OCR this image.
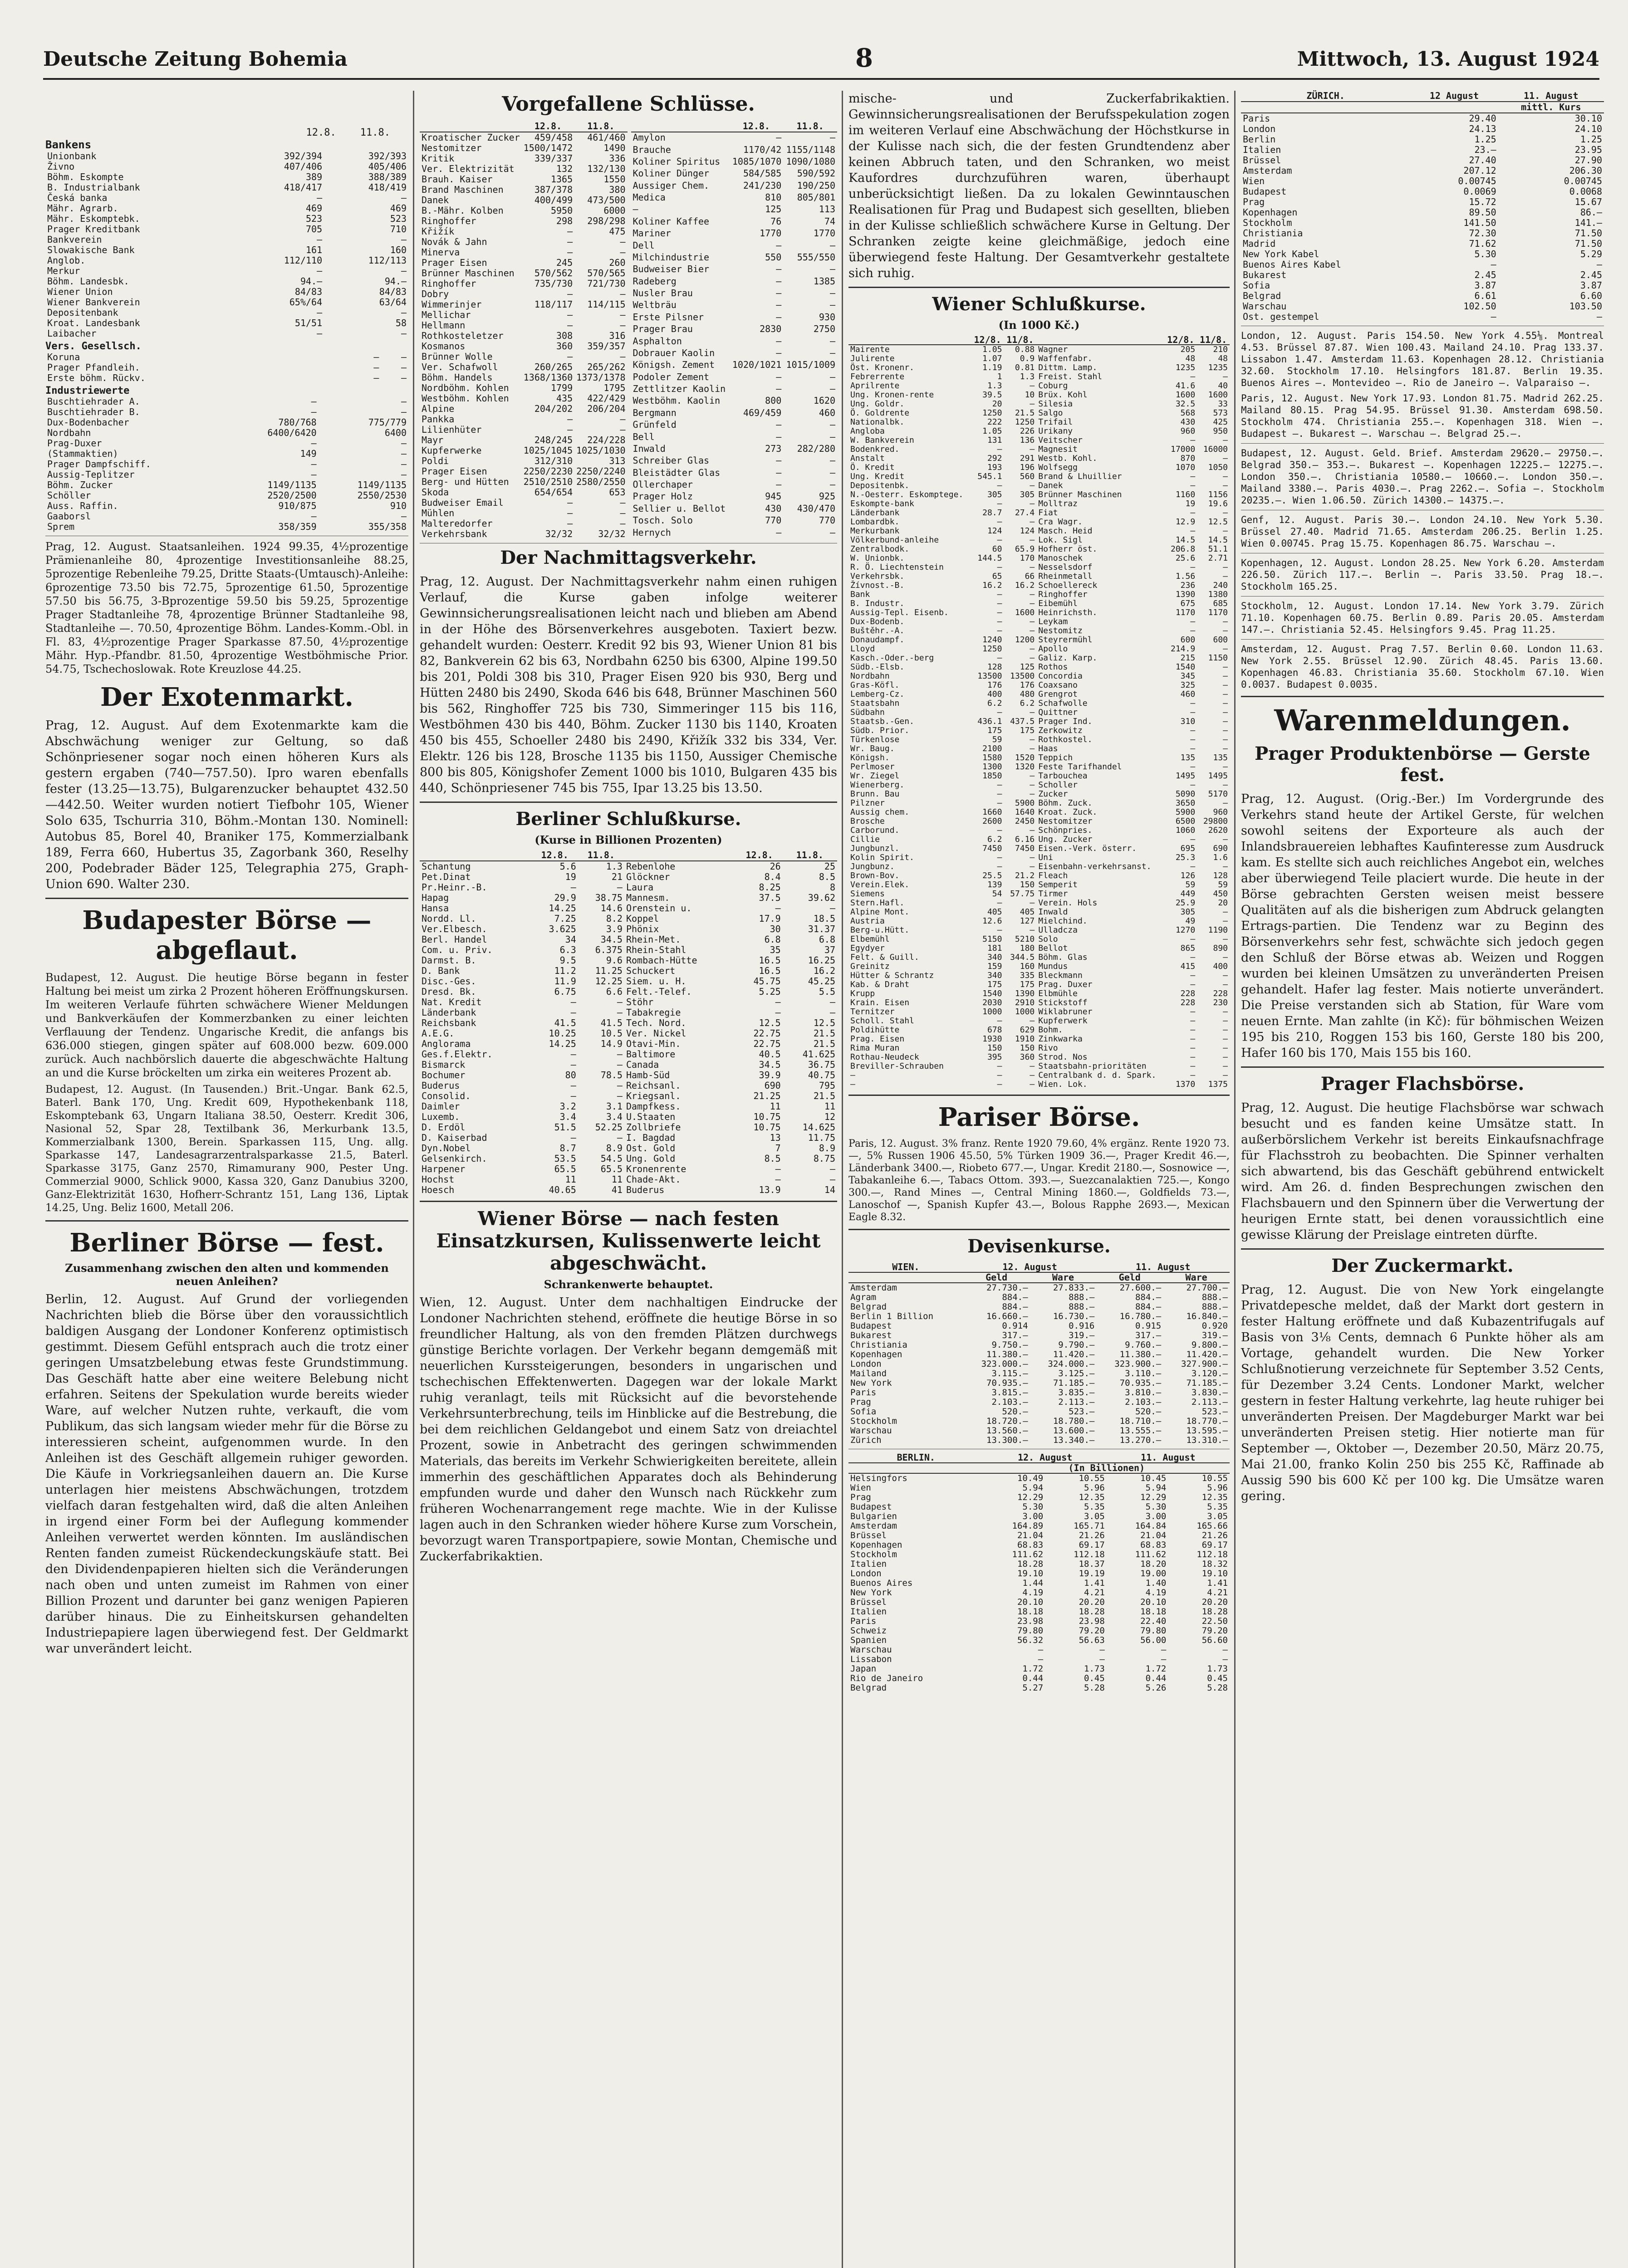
Deutsche Zeitung Bohemia	8	Mittwoch, 13. August 1924
12.8. 11.8.
Bankens
Unionbank	392/394	392/393
Živno	407/406	405/406
Böhm. Eskompte	389	388/389
B. Industrialbank	418/417	418/419
Česká banka	—	—
Mähr. Agrarb.	469	469
Mähr. Eskomptebk.	523	523
Prager Kreditbank	705	710
Bankverein	—	—
Slowakische Bank	161	160
Anglob.	112/110	112/113
Merkur	—	—
Böhm. Landesbk.	94.—	94.—
Wiener Union	84/83	84/83
Wiener Bankverein	65%/64	63/64
Depositenbank	—	—
Kroat. Landesbank	51/51	58
Laibacher	—	—
Vers. Gesellsch.
Koruna	—	—
Prager Pfandleih.	—	—
Erste böhm. Rückv.	—	—
Industriewerte
Buschtiehrader A.	—	—
Buschtiehrader B.	—	—
Dux-Bodenbacher	780/768	775/779
Nordbahn	6400/6420	6400
Prag-Duxer	—	—
(Stammaktien)	149	—
Prager Dampfschiff.	—	—
Aussig-Teplitzer	—	—
Böhm. Zucker	1149/1135	1149/1135
Schöller	2520/2500	2550/2530
Auss. Raffin.	910/875	910
Gaaborsl	—	—
Sprem	358/359	355/358
Prag, 12. August. Staatsanleihen. 1924 99.35, 4½prozentige Prämienanleihe 80, 4prozentige Investitionsanleihe 88.25, 5prozentige Rebenleihe 79.25, Dritte Staats-(Umtausch)-Anleihe: 6prozentige 73.50 bis 72.75, 5prozentige 61.50, 5prozentige 57.50 bis 56.75, 3-Bprozentige 59.50 bis 59.25, 5prozentige Prager Stadtanleihe 78, 4prozentige Brünner Stadtanleihe 98, Stadtanleihe —. 70.50, 4prozentige Böhm. Landes-Komm.-Obl. in Fl. 83, 4½prozentige Prager Sparkasse 87.50, 4½prozentige Mähr. Hyp.-Pfandbr. 81.50, 4prozentige Westböhmische Prior. 54.75, Tschechoslowak. Rote Kreuzlose 44.25.
Der Exotenmarkt.
Prag, 12. August. Auf dem Exotenmarkte kam die Abschwächung weniger zur Geltung, so daß Schönpriesener sogar noch einen höheren Kurs als gestern ergaben (740—757.50). Ipro waren ebenfalls fester (13.25—13.75), Bulgarenzucker behauptet 432.50—442.50. Weiter wurden notiert Tiefbohr 105, Wiener Solo 635, Tschurria 310, Böhm.-Montan 130. Nominell: Autobus 85, Borel 40, Braniker 175, Kommerzialbank 189, Ferra 660, Hubertus 35, Zagorbank 360, Reselhy 200, Podebrader Bäder 125, Telegraphia 275, Graph-Union 690. Walter 230.
Budapester Börse — abgeflaut.
Budapest, 12. August. Die heutige Börse begann in fester Haltung bei meist um zirka 2 Prozent höheren Eröffnungskursen. Im weiteren Verlaufe führten schwächere Wiener Meldungen und Bankverkäufen der Kommerzbanken zu einer leichten Verflauung der Tendenz. Ungarische Kredit, die anfangs bis 636.000 stiegen, gingen später auf 608.000 bezw. 609.000 zurück. Auch nachbörslich dauerte die abgeschwächte Haltung an und die Kurse bröckelten um zirka ein weiteres Prozent ab.
Budapest, 12. August. (In Tausenden.) Brit.-Ungar. Bank 62.5, Baterl. Bank 170, Ung. Kredit 609, Hypothekenbank 118, Eskomptebank 63, Ungarn Italiana 38.50, Oesterr. Kredit 306, Nasional 52, Spar 28, Textilbank 36, Merkurbank 13.5, Kommerzialbank 1300, Berein. Sparkassen 115, Ung. allg. Sparkasse 147, Landesagrarzentralsparkasse 21.5, Baterl. Sparkasse 3175, Ganz 2570, Rimamurany 900, Pester Ung. Commerzial 9000, Schlick 9000, Kassa 320, Ganz Danubius 3200, Ganz-Elektrizität 1630, Hofherr-Schrantz 151, Lang 136, Liptak 14.25, Ung. Beliz 1600, Metall 206.
Berliner Börse — fest.
Zusammenhang zwischen den alten und kommenden neuen Anleihen?
Berlin, 12. August. Auf Grund der vorliegenden Nachrichten blieb die Börse über den voraussichtlich baldigen Ausgang der Londoner Konferenz optimistisch gestimmt. Diesem Gefühl entsprach auch die trotz einer geringen Umsatzbelebung etwas feste Grundstimmung. Das Geschäft hatte aber eine weitere Belebung nicht erfahren. Seitens der Spekulation wurde bereits wieder Ware, auf welcher Nutzen ruhte, verkauft, die vom Publikum, das sich langsam wieder mehr für die Börse zu interessieren scheint, aufgenommen wurde. In den Anleihen ist des Geschäft allgemein ruhiger geworden. Die Käufe in Vorkriegsanleihen dauern an. Die Kurse unterlagen hier meistens Abschwächungen, trotzdem vielfach daran festgehalten wird, daß die alten Anleihen in irgend einer Form bei der Auflegung kommender Anleihen verwertet werden könnten. Im ausländischen Renten fanden zumeist Rückendeckungskäufe statt. Bei den Dividendenpapieren hielten sich die Veränderungen nach oben und unten zumeist im Rahmen von einer Billion Prozent und darunter bei ganz wenigen Papieren darüber hinaus. Die zu Einheitskursen gehandelten Industriepapiere lagen überwiegend fest. Der Geldmarkt war unverändert leicht.
Vorgefallene Schlüsse.
	12.8.	11.8.
Kroatischer Zucker	459/458	461/460
Nestomitzer	1500/1472	1490
Kritik	339/337	336
Ver. Elektrizität	132	132/130
Brauh. Kaiser	1365	1550
Brand Maschinen	387/378	380
Danek	400/499	473/500
B.-Mähr. Kolben	5950	6000
Ringhoffer	298	298/298
Křižík	—	475
Novák & Jahn	—	—
Minerva	—	—
Prager Eisen	245	260
Brünner Maschinen	570/562	570/565
Ringhoffer	735/730	721/730
Dobry	—	—
Wimmerinjer	118/117	114/115
Mellichar	—	—
Hellmann	—	—
Rothkosteletzer	308	316
Kosmanos	360	359/357
Brünner Wolle	—	—
Ver. Schafwoll	260/265	265/262
Böhm. Handels	1368/1360	1373/1378
Nordböhm. Kohlen	1799	1795
Westböhm. Kohlen	435	422/429
Alpine	204/202	206/204
Pankka	—	—
Lilienhüter	—	—
Mayr	248/245	224/228
Kupferwerke	1025/1045	1025/1030
Poldi	312/310	313
Prager Eisen	2250/2230	2250/2240
Berg- und Hütten	2510/2510	2580/2550
Skoda	654/654	653
Budweiser Email	—	—
Mühlen	—	—
Malteredorfer	—	—
Verkehrsbank	32/32	32/32
	12.8.	11.8.
Amylon	—	—
Brauche	1170/42	1155/1148
Koliner Spiritus	1085/1070	1090/1080
Koliner Dünger	584/585	590/592
Aussiger Chem.	241/230	190/250
Medica	810	805/801
—	125	113
Koliner Kaffee	76	74
Mariner	1770	1770
Dell	—	—
Milchindustrie	550	555/550
Budweiser Bier	—	—
Radeberg	—	1385
Nusler Brau	—	—
Weltbräu	—	—
Erste Pilsner	—	930
Prager Brau	2830	2750
Asphalton	—	—
Dobrauer Kaolin	—	—
Königsh. Zement	1020/1021	1015/1009
Podoler Zement	—	—
Zettlitzer Kaolin	—	—
Westböhm. Kaolin	800	1620
Bergmann	469/459	460
Grünfeld	—	—
Bell	—	—
Inwald	273	282/280
Schreiber Glas	—	—
Bleistädter Glas	—	—
Ollerchaper	—	—
Prager Holz	945	925
Sellier u. Bellot	430	430/470
Tosch. Solo	770	770
Hernych	—	—
Der Nachmittagsverkehr.
Prag, 12. August. Der Nachmittagsverkehr nahm einen ruhigen Verlauf, die Kurse gaben infolge weiterer Gewinnsicherungsrealisationen leicht nach und blieben am Abend in der Höhe des Börsenverkehres ausgeboten. Taxiert bezw. gehandelt wurden: Oesterr. Kredit 92 bis 93, Wiener Union 81 bis 82, Bankverein 62 bis 63, Nordbahn 6250 bis 6300, Alpine 199.50 bis 201, Poldi 308 bis 310, Prager Eisen 920 bis 930, Berg und Hütten 2480 bis 2490, Skoda 646 bis 648, Brünner Maschinen 560 bis 562, Ringhoffer 725 bis 730, Simmeringer 115 bis 116, Westböhmen 430 bis 440, Böhm. Zucker 1130 bis 1140, Kroaten 450 bis 455, Schoeller 2480 bis 2490, Křižík 332 bis 334, Ver. Elektr. 126 bis 128, Brosche 1135 bis 1150, Aussiger Chemische 800 bis 805, Königshofer Zement 1000 bis 1010, Bulgaren 435 bis 440, Schönpriesener 745 bis 755, Ipar 13.25 bis 13.50.
Berliner Schlußkurse.
(Kurse in Billionen Prozenten)
	12.8.	11.8.		12.8.	11.8.
Schantung	5.6	1.3	Rebenlohe	26	25
Pet.Dinat	19	21	Glöckner	8.4	8.5
Pr.Heinr.-B.	—	—	Laura	8.25	8
Hapag	29.9	38.75	Mannesm.	37.5	39.62
Hansa	14.25	14.6	Orenstein u.	—	—
Nordd. Ll.	7.25	8.2	Koppel	17.9	18.5
Ver.Elbesch.	3.625	3.9	Phönix	30	31.37
Berl. Handel	34	34.5	Rhein-Met.	6.8	6.8
Com. u. Priv.	6.3	6.375	Rhein-Stahl	35	37
Darmst. B.	9.5	9.6	Rombach-Hütte	16.5	16.25
D. Bank	11.2	11.25	Schuckert	16.5	16.2
Disc.-Ges.	11.9	12.25	Siem. u. H.	45.75	45.25
Dresd. Bk.	6.75	6.6	Felt.-Telef.	5.25	5.5
Nat. Kredit	—	—	Stöhr	—	—
Länderbank	—	—	Tabakregie	—	—
Reichsbank	41.5	41.5	Tech. Nord.	12.5	12.5
A.E.G.	10.25	10.5	Ver. Nickel	22.75	21.5
Anglorama	14.25	14.9	Otavi-Min.	22.75	21.5
Ges.f.Elektr.	—	—	Baltimore	40.5	41.625
Bismarck	—	—	Canada	34.5	36.75
Bochumer	80	78.5	Hamb-Süd	39.9	40.75
Buderus	—	—	Reichsanl.	690	795
Consolid.	—	—	Kriegsanl.	21.25	21.5
Daimler	3.2	3.1	Dampfkess.	11	11
Luxemb.	3.4	3.4	U.Staaten	10.75	12
D. Erdöl	51.5	52.25	Zollbriefe	10.75	14.625
D. Kaiserbad	—	—	I. Bagdad	13	11.75
Dyn.Nobel	8.7	8.9	Ost. Gold	7	8.9
Gelsenkirch.	53.5	54.5	Ung. Gold	8.5	8.75
Harpener	65.5	65.5	Kronenrente	—	—
Hochst	11	11	Chade-Akt.	—	—
Hoesch	40.65	41	Buderus	13.9	14
Wiener Börse — nach festen Einsatzkursen, Kulissenwerte leicht abgeschwächt.
Schrankenwerte behauptet.
Wien, 12. August. Unter dem nachhaltigen Eindrucke der Londoner Nachrichten stehend, eröffnete die heutige Börse in so freundlicher Haltung, als von den fremden Plätzen durchwegs günstige Berichte vorlagen. Der Verkehr begann demgemäß mit neuerlichen Kurssteigerungen, besonders in ungarischen und tschechischen Effektenwerten. Dagegen war der lokale Markt ruhig veranlagt, teils mit Rücksicht auf die bevorstehende Verkehrsunterbrechung, teils im Hinblicke auf die Bestrebung, die bei dem reichlichen Geldangebot und einem Satz von dreiachtel Prozent, sowie in Anbetracht des geringen schwimmenden Materials, das bereits im Verkehr Schwierigkeiten bereitete, allein immerhin des geschäftlichen Apparates doch als Behinderung empfunden wurde und daher den Wunsch nach Rückkehr zum früheren Wochenarrangement rege machte. Wie in der Kulisse lagen auch in den Schranken wieder höhere Kurse zum Vorschein, bevorzugt waren Transportpapiere, sowie Montan, Chemische und Zuckerfabrikaktien.
mische- und Zuckerfabrikaktien. Gewinnsicherungsrealisationen der Berufsspekulation zogen im weiteren Verlauf eine Abschwächung der Höchstkurse in der Kulisse nach sich, die der festen Grundtendenz aber keinen Abbruch taten, und den Schranken, wo meist Kaufordres durchzuführen waren, überhaupt unberücksichtigt ließen. Da zu lokalen Gewinntauschen Realisationen für Prag und Budapest sich gesellten, blieben in der Kulisse schließlich schwächere Kurse in Geltung. Der Schranken zeigte keine gleichmäßige, jedoch eine überwiegend feste Haltung. Der Gesamtverkehr gestaltete sich ruhig.
Wiener Schlußkurse.
(In 1000 Kč.)
	12/8.	11/8.		12/8.	11/8.
Mairente	1.05	0.88	Wagner	205	210
Julirente	1.07	0.9	Waffenfabr.	48	48
Öst. Kronenr.	1.19	0.81	Dittm. Lamp.	1235	1235
Febrerrente	1	1.3	Freist. Stahl	—	—
Aprilrente	1.3	—	Coburg	41.6	40
Ung. Kronen-rente	39.5	10	Brüx. Kohl	1600	1600
Ung. Goldr.	20	—	Silesia	32.5	33
Ö. Goldrente	1250	21.5	Salgo	568	573
Nationalbk.	222	1250	Trifail	430	425
Angloba	1.05	226	Urikany	960	950
W. Bankverein	131	136	Veitscher	—	—
Bodenkred.	—	—	Magnesit	17000	16000
Anstalt	292	291	Westb. Kohl.	870	—
Ö. Kredit	193	196	Wolfsegg	1070	1050
Ung. Kredit	545.1	560	Brand & Lhuillier	—	—
Depositenbk.	—	—	Danek	—	—
N.-Oesterr. Eskomptege.	305	305	Brünner Maschinen	1160	1156
Eskompte-bank	—	—	Molltraz	19	19.6
Länderbank	28.7	27.4	Fiat	—	—
Lombardbk.	—	—	Cra Wagr.	12.9	12.5
Merkurbank	124	124	Masch. Heid	—	—
Völkerbund-anleihe	—	—	Lok. Sigl	14.5	14.5
Zentralbodk.	60	65.9	Hofherr öst.	206.8	51.1
W. Unionbk.	144.5	170	Manoschek	25.6	2.71
R. Ö. Liechtenstein	—	—	Nesselsdorf	—	—
Verkehrsbk.	65	66	Rheinmetall	1.56	—
Žívnost.-B.	16.2	16.2	Schoellereck	236	240
Bank	—	—	Ringhoffer	1390	1380
B. Industr.	—	—	Eibemühl	675	685
Aussig-Tepl. Eisenb.	—	1600	Heinrichsth.	1170	1170
Dux-Bodenb.	—	—	Leykam	—	—
Buštěhr.-A.	—	—	Nestomitz	—	—
Donaudampf.	1240	1200	Steyrermühl	600	600
Lloyd	1250	—	Apollo	214.9	—
Kasch.-Oder.-berg	—	—	Galiz. Karp.	215	1150
Südb.-Elsb.	128	125	Rothos	1540	—
Nordbahn	13500	13500	Concordia	345	—
Gras-Köfl.	176	176	Coaxsano	325	—
Lemberg-Cz.	400	480	Grengrot	460	—
Staatsbahn	6.2	6.2	Schafwolle	—	—
Südbahn	—	—	Quittner	—	—
Staatsb.-Gen.	436.1	437.5	Prager Ind.	310	—
Südb. Prior.	175	175	Zerkowitz	—	—
Türkenlose	59	—	Rothkostel.	—	—
Wr. Baug.	2100	—	Haas	—	—
Königsh.	1580	1520	Teppich	135	135
Perlmoser	1300	1320	Feste Tarifhandel	—	—
Wr. Ziegel	1850	—	Tarbouchea	1495	1495
Wienerberg.	—	—	Scholler	—	—
Brunn. Bau	—	—	Zucker	5090	5170
Pilzner	—	5900	Böhm. Zuck.	3650	—
Aussig chem.	1660	1640	Kroat. Zuck.	5900	960
Brosche	2600	2450	Nestomitzer	6500	29800
Carborund.	—	—	Schönpries.	1060	2620
Cillie	6.2	6.16	Ung. Zucker	—	—
Jungbunzl.	7450	7450	Eisen.-Verk. österr.	695	690
Kolin Spirit.	—	—	Uni	25.3	1.6
Jungbunz.	—	—	Eisenbahn-verkehrsanst.	—	—
Brown-Bov.	25.5	21.2	Fleach	126	128
Verein.Elek.	139	150	Semperit	59	59
Siemens	54	57.75	Tirmer	449	450
Stern.Hafl.	—	—	Verein. Hols	25.9	20
Alpine Mont.	405	405	Inwald	305	—
Austria	12.6	127	Mielchind.	49	—
Berg-u.Hütt.	—	—	Ulladcza	1270	1190
Elbemühl	5150	5210	Solo	—	—
Egydyer	181	180	Bellot	865	890
Felt. & Guill.	340	344.5	Böhm. Glas	—	—
Greinitz	159	160	Mundus	415	400
Hütter & Schrantz	340	335	Bleckmann	—	—
Kab. & Draht	175	175	Prag. Duxer	—	—
Krupp	1540	1390	Elbmühle	228	228
Krain. Eisen	2030	2910	Stickstoff	228	230
Ternitzer	1000	1000	Wiklabruner	—	—
Scholl. Stahl	—	—	Kupferwerk	—	—
Poldihütte	678	629	Bohm.	—	—
Prag. Eisen	1930	1910	Zinkwarka	—	—
Rima Muran	150	150	Rivo	—	—
Rothau-Neudeck	395	360	Strod. Nos	—	—
Breviller-Schrauben	—	—	Staatsbahn-prioritäten	—	—
—	—	—	Centralbank d. d. Spark.	—	—
—	—	—	Wien. Lok.	1370	1375
Pariser Börse.
Paris, 12. August. 3% franz. Rente 1920 79.60, 4% ergänz. Rente 1920 73.—, 5% Russen 1906 45.50, 5% Türken 1909 36.—, Prager Kredit 46.—, Länderbank 3400.—, Riobeto 677.—, Ungar. Kredit 2180.—, Sosnowice —, Tabakanleihe 6.—, Tabacs Ottom. 393.—, Suezcanalaktien 725.—, Kongo 300.—, Rand Mines —, Central Mining 1860.—, Goldfields 73.—, Lanoschof —, Spanish Kupfer 43.—, Bolous Rapphe 2693.—, Mexican Eagle 8.32.
Devisenkurse.
WIEN.	12. August		11. August	
	Geld	Ware	Geld	Ware
Amsterdam	27.730.—	27.833.—	27.600.—	27.700.—
Agram	884.—	888.—	884.—	888.—
Belgrad	884.—	888.—	884.—	888.—
Berlin 1 Billion	16.660.—	16.730.—	16.780.—	16.840.—
Budapest	0.914	0.916	0.915	0.920
Bukarest	317.—	319.—	317.—	319.—
Christiania	9.750.—	9.790.—	9.760.—	9.800.—
Kopenhagen	11.380.—	11.420.—	11.380.—	11.420.—
London	323.000.—	324.000.—	323.900.—	327.900.—
Mailand	3.115.—	3.125.—	3.110.—	3.120.—
New York	70.935.—	71.185.—	70.935.—	71.185.—
Paris	3.815.—	3.835.—	3.810.—	3.830.—
Prag	2.103.—	2.113.—	2.103.—	2.113.—
Sofia	520.—	523.—	520.—	523.—
Stockholm	18.720.—	18.780.—	18.710.—	18.770.—
Warschau	13.560.—	13.600.—	13.555.—	13.595.—
Zürich	13.300.—	13.340.—	13.270.—	13.310.—
BERLIN.	12. August		11. August	
	(In Billionen)			
Helsingfors	10.49	10.55	10.45	10.55
Wien	5.94	5.96	5.94	5.96
Prag	12.29	12.35	12.29	12.35
Budapest	5.30	5.35	5.30	5.35
Bulgarien	3.00	3.05	3.00	3.05
Amsterdam	164.89	165.71	164.84	165.66
Brüssel	21.04	21.26	21.04	21.26
Kopenhagen	68.83	69.17	68.83	69.17
Stockholm	111.62	112.18	111.62	112.18
Italien	18.28	18.37	18.20	18.32
London	19.10	19.19	19.00	19.10
Buenos Aires	1.44	1.41	1.40	1.41
New York	4.19	4.21	4.19	4.21
Brüssel	20.10	20.20	20.10	20.20
Italien	18.18	18.28	18.18	18.28
Paris	23.98	23.98	22.40	22.50
Schweiz	79.80	79.20	79.80	79.20
Spanien	56.32	56.63	56.00	56.60
Warschau	—	—	—	—
Lissabon	—	—	—	—
Japan	1.72	1.73	1.72	1.73
Rio de Janeiro	0.44	0.45	0.44	0.45
Belgrad	5.27	5.28	5.26	5.28
ZÜRICH.	12 August	11. August
		mittl. Kurs
Paris	29.40	30.10
London	24.13	24.10
Berlin	1.25	1.25
Italien	23.—	23.95
Brüssel	27.40	27.90
Amsterdam	207.12	206.30
Wien	0.00745	0.00745
Budapest	0.0069	0.0068
Prag	15.72	15.67
Kopenhagen	89.50	86.—
Stockholm	141.50	141.—
Christiania	72.30	71.50
Madrid	71.62	71.50
New York Kabel	5.30	5.29
Buenos Aires Kabel	—	—
Bukarest	2.45	2.45
Sofia	3.87	3.87
Belgrad	6.61	6.60
Warschau	102.50	103.50
Ost. gestempel	—	—
London, 12. August. Paris 154.50. New York 4.55⅛. Montreal 4.53. Brüssel 87.87. Wien 100.43. Mailand 24.10. Prag 133.37. Lissabon 1.47. Amsterdam 11.63. Kopenhagen 28.12. Christiania 32.60. Stockholm 17.10. Helsingfors 181.87. Berlin 19.35. Buenos Aires —. Montevideo —. Rio de Janeiro —. Valparaiso —.
Paris, 12. August. New York 17.93. London 81.75. Madrid 262.25. Mailand 80.15. Prag 54.95. Brüssel 91.30. Amsterdam 698.50. Stockholm 474. Christiania 255.—. Kopenhagen 318. Wien —. Budapest —. Bukarest —. Warschau —. Belgrad 25.—.
Budapest, 12. August. Geld. Brief. Amsterdam 29620.— 29750.—. Belgrad 350.— 353.—. Bukarest —. Kopenhagen 12225.— 12275.—. London 350.—. Christiania 10580.— 10660.—. London 350.—. Mailand 3380.—. Paris 4030.—. Prag 2262.—. Sofia —. Stockholm 20235.—. Wien 1.06.50. Zürich 14300.— 14375.—.
Genf, 12. August. Paris 30.—. London 24.10. New York 5.30. Brüssel 27.40. Madrid 71.65. Amsterdam 206.25. Berlin 1.25. Wien 0.00745. Prag 15.75. Kopenhagen 86.75. Warschau —.
Kopenhagen, 12. August. London 28.25. New York 6.20. Amsterdam 226.50. Zürich 117.—. Berlin —. Paris 33.50. Prag 18.—. Stockholm 165.25.
Stockholm, 12. August. London 17.14. New York 3.79. Zürich 71.10. Kopenhagen 60.75. Berlin 0.89. Paris 20.05. Amsterdam 147.—. Christiania 52.45. Helsingfors 9.45. Prag 11.25.
Amsterdam, 12. August. Prag 7.57. Berlin 0.60. London 11.63. New York 2.55. Brüssel 12.90. Zürich 48.45. Paris 13.60. Kopenhagen 46.83. Christiania 35.60. Stockholm 67.10. Wien 0.0037. Budapest 0.0035.
Warenmeldungen.
Prager Produktenbörse — Gerste fest.
Prag, 12. August. (Orig.-Ber.) Im Vordergrunde des Verkehrs stand heute der Artikel Gerste, für welchen sowohl seitens der Exporteure als auch der Inlandsbrauereien lebhaftes Kaufinteresse zum Ausdruck kam. Es stellte sich auch reichliches Angebot ein, welches aber überwiegend Teile placiert wurde. Die heute in der Börse gebrachten Gersten weisen meist bessere Qualitäten auf als die bisherigen zum Abdruck gelangten Ertrags-partien. Die Tendenz war zu Beginn des Börsenverkehrs sehr fest, schwächte sich jedoch gegen den Schluß der Börse etwas ab. Weizen und Roggen wurden bei kleinen Umsätzen zu unveränderten Preisen gehandelt. Hafer lag fester. Mais notierte unverändert. Die Preise verstanden sich ab Station, für Ware vom neuen Ernte. Man zahlte (in Kč): für böhmischen Weizen 195 bis 210, Roggen 153 bis 160, Gerste 180 bis 200, Hafer 160 bis 170, Mais 155 bis 160.
Prager Flachsbörse.
Prag, 12. August. Die heutige Flachsbörse war schwach besucht und es fanden keine Umsätze statt. In außerbörslichem Verkehr ist bereits Einkaufsnachfrage für Flachsstroh zu beobachten. Die Spinner verhalten sich abwartend, bis das Geschäft gebührend entwickelt wird. Am 26. d. finden Besprechungen zwischen den Flachsbauern und den Spinnern über die Verwertung der heurigen Ernte statt, bei denen voraussichtlich eine gewisse Klärung der Preislage eintreten dürfte.
Der Zuckermarkt.
Prag, 12. August. Die von New York eingelangte Privatdepesche meldet, daß der Markt dort gestern in fester Haltung eröffnete und daß Kubazentrifugals auf Basis von 3⅛ Cents, demnach 6 Punkte höher als am Vortage, gehandelt wurden. Die New Yorker Schlußnotierung verzeichnete für September 3.52 Cents, für Dezember 3.24 Cents. Londoner Markt, welcher gestern in fester Haltung verkehrte, lag heute ruhiger bei unveränderten Preisen. Der Magdeburger Markt war bei unveränderten Preisen stetig. Hier notierte man für September —, Oktober —, Dezember 20.50, März 20.75, Mai 21.00, franko Kolin 250 bis 255 Kč, Raffinade ab Aussig 590 bis 600 Kč per 100 kg. Die Umsätze waren gering.
